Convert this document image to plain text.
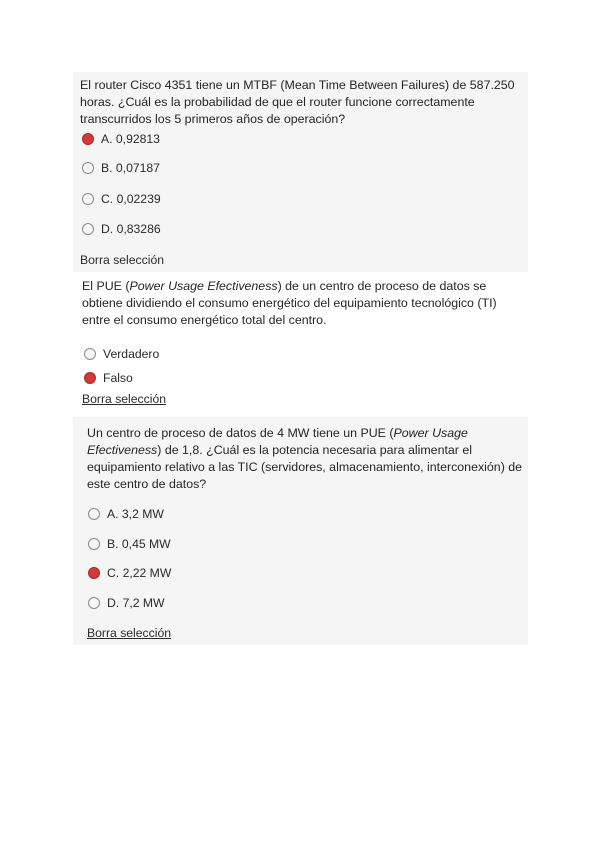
El router Cisco 4351 tiene un MTBF (Mean Time Between Failures) de 587.250
horas. ¿Cuál es la probabilidad de que el router funcione correctamente
transcurridos los 5 primeros años de operación?

A. 0,92813
B. 0,07187
C. 0,02239
D. 0,83286
Borra selección

El PUE (Power Usage Efectiveness) de un centro de proceso de datos se
obtiene dividiendo el consumo energético del equipamiento tecnológico (TI)
entre el consumo energético total del centro.

Verdadero
Falso
Borra selección

Un centro de proceso de datos de 4 MW tiene un PUE (Power Usage
Efectiveness) de 1,8. ¿Cuál es la potencia necesaria para alimentar el
equipamiento relativo a las TIC (servidores, almacenamiento, interconexión) de
este centro de datos?

A. 3,2 MW
B. 0,45 MW
C. 2,22 MW
D. 7,2 MW
Borra selección
